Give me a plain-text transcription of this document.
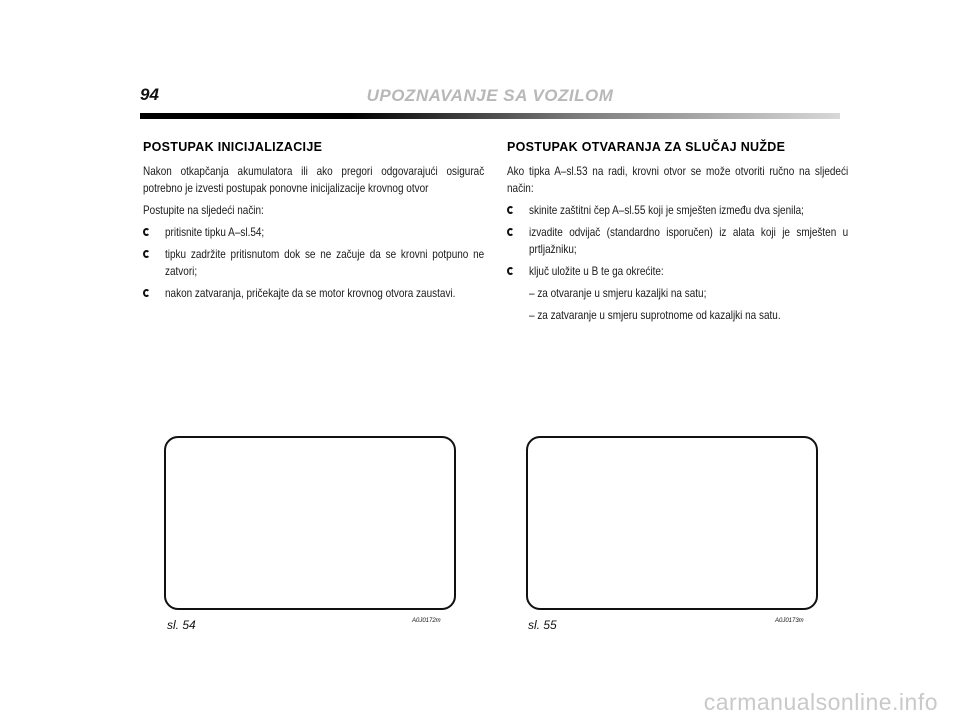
94	UPOZNAVANJE SA VOZILOM
POSTUPAK INICIJALIZACIJE

Nakon otkapčanja akumulatora ili ako pregori odgovarajući osigurač potrebno je izvesti postupak ponovne inicijalizacije krovnog otvor

Postupite na sljedeći način:

pritisnite tipku A–sl.54;
tipku zadržite pritisnutom dok se ne začuje da se krovni potpuno ne zatvori;
nakon zatvaranja, pričekajte da se motor krovnog otvora zaustavi.
POSTUPAK OTVARANJA ZA SLUČAJ NUŽDE

Ako tipka A–sl.53 na radi, krovni otvor se može otvoriti ručno na sljedeći način:

skinite zaštitni čep A–sl.55 koji je smješten između dva sjenila;
izvadite odvijač (standardno isporučen) iz alata koji je smješten u prtljažniku;
ključ uložite u B te ga okrećite:
– za otvaranje u smjeru kazaljki na satu;
– za zatvaranje u smjeru suprotnome od kazaljki na satu.
sl. 54	A0J0172m	sl. 55	A0J0173m
carmanualsonline.info
